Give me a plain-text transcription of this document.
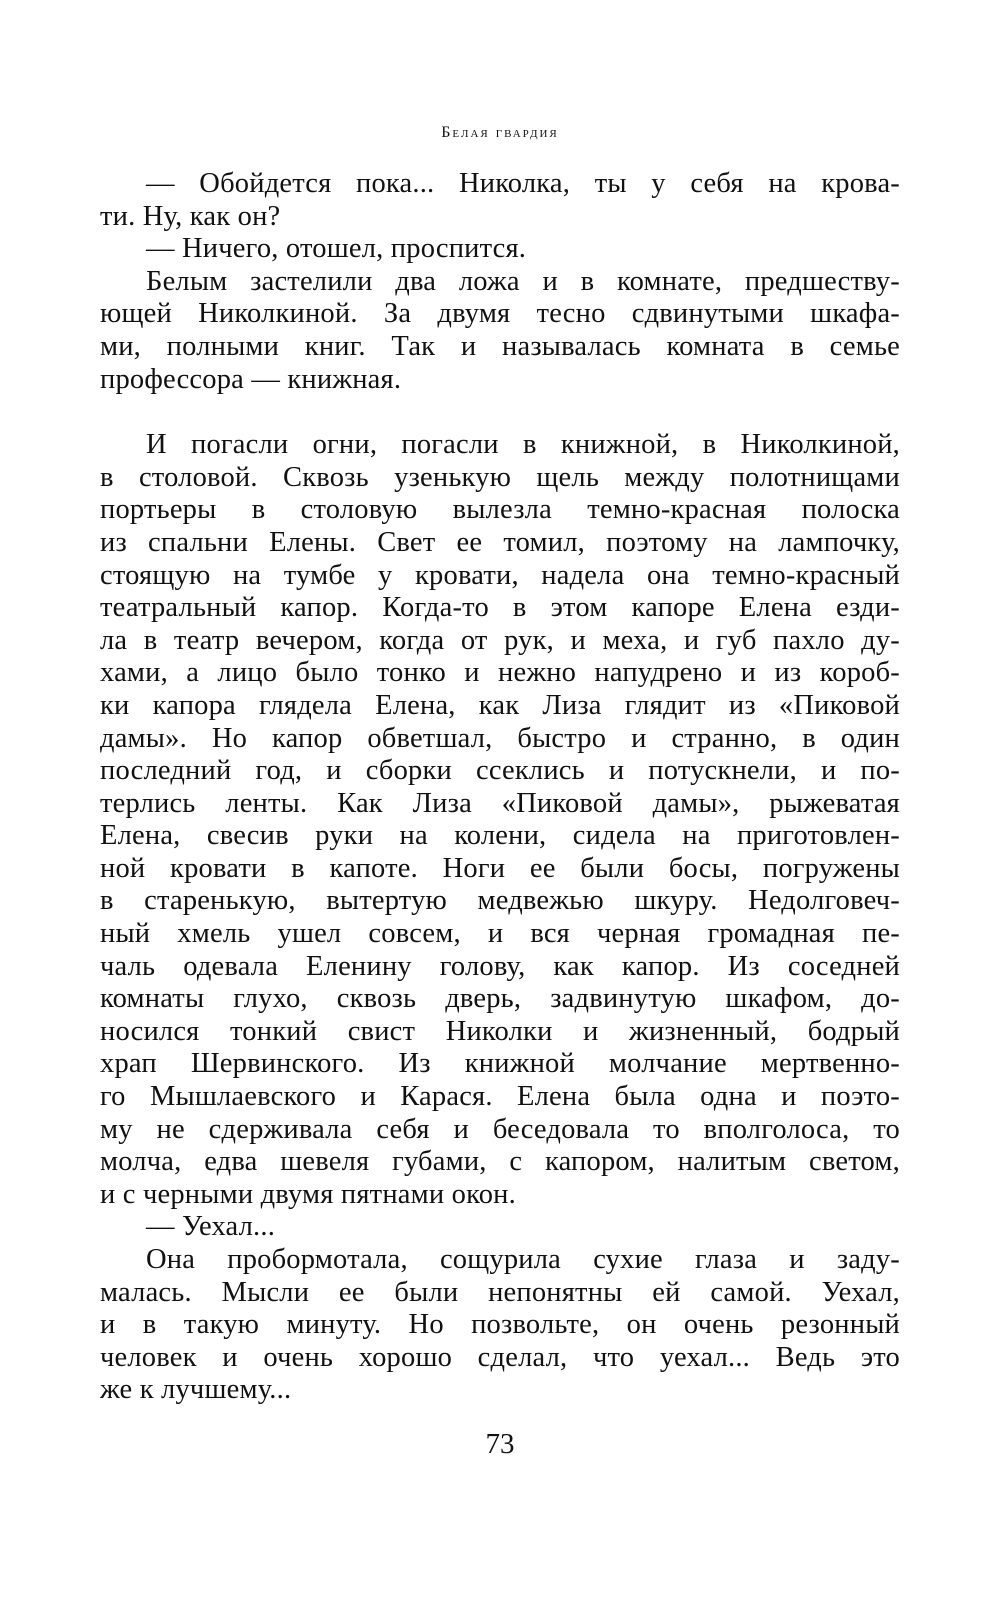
Белая гвардия
— Обойдется пока... Николка, ты у себя на крова-
ти. Ну, как он?
— Ничего, отошел, проспится.
Белым застелили два ложа и в комнате, предшеству-
ющей Николкиной. За двумя тесно сдвинутыми шкафа-
ми, полными книг. Так и называлась комната в семье
профессора — книжная.
И погасли огни, погасли в книжной, в Николкиной,
в столовой. Сквозь узенькую щель между полотнищами
портьеры в столовую вылезла темно-красная полоска
из спальни Елены. Свет ее томил, поэтому на лампочку,
стоящую на тумбе у кровати, надела она темно-красный
театральный капор. Когда-то в этом капоре Елена езди-
ла в театр вечером, когда от рук, и меха, и губ пахло ду-
хами, а лицо было тонко и нежно напудрено и из короб-
ки капора глядела Елена, как Лиза глядит из «Пиковой
дамы». Но капор обветшал, быстро и странно, в один
последний год, и сборки ссеклись и потускнели, и по-
терлись ленты. Как Лиза «Пиковой дамы», рыжеватая
Елена, свесив руки на колени, сидела на приготовлен-
ной кровати в капоте. Ноги ее были босы, погружены
в старенькую, вытертую медвежью шкуру. Недолговеч-
ный хмель ушел совсем, и вся черная громадная пе-
чаль одевала Еленину голову, как капор. Из соседней
комнаты глухо, сквозь дверь, задвинутую шкафом, до-
носился тонкий свист Николки и жизненный, бодрый
храп Шервинского. Из книжной молчание мертвенно-
го Мышлаевского и Карася. Елена была одна и поэто-
му не сдерживала себя и беседовала то вполголоса, то
молча, едва шевеля губами, с капором, налитым светом,
и с черными двумя пятнами окон.
— Уехал...
Она пробормотала, сощурила сухие глаза и заду-
малась. Мысли ее были непонятны ей самой. Уехал,
и в такую минуту. Но позвольте, он очень резонный
человек и очень хорошо сделал, что уехал... Ведь это
же к лучшему...
73
